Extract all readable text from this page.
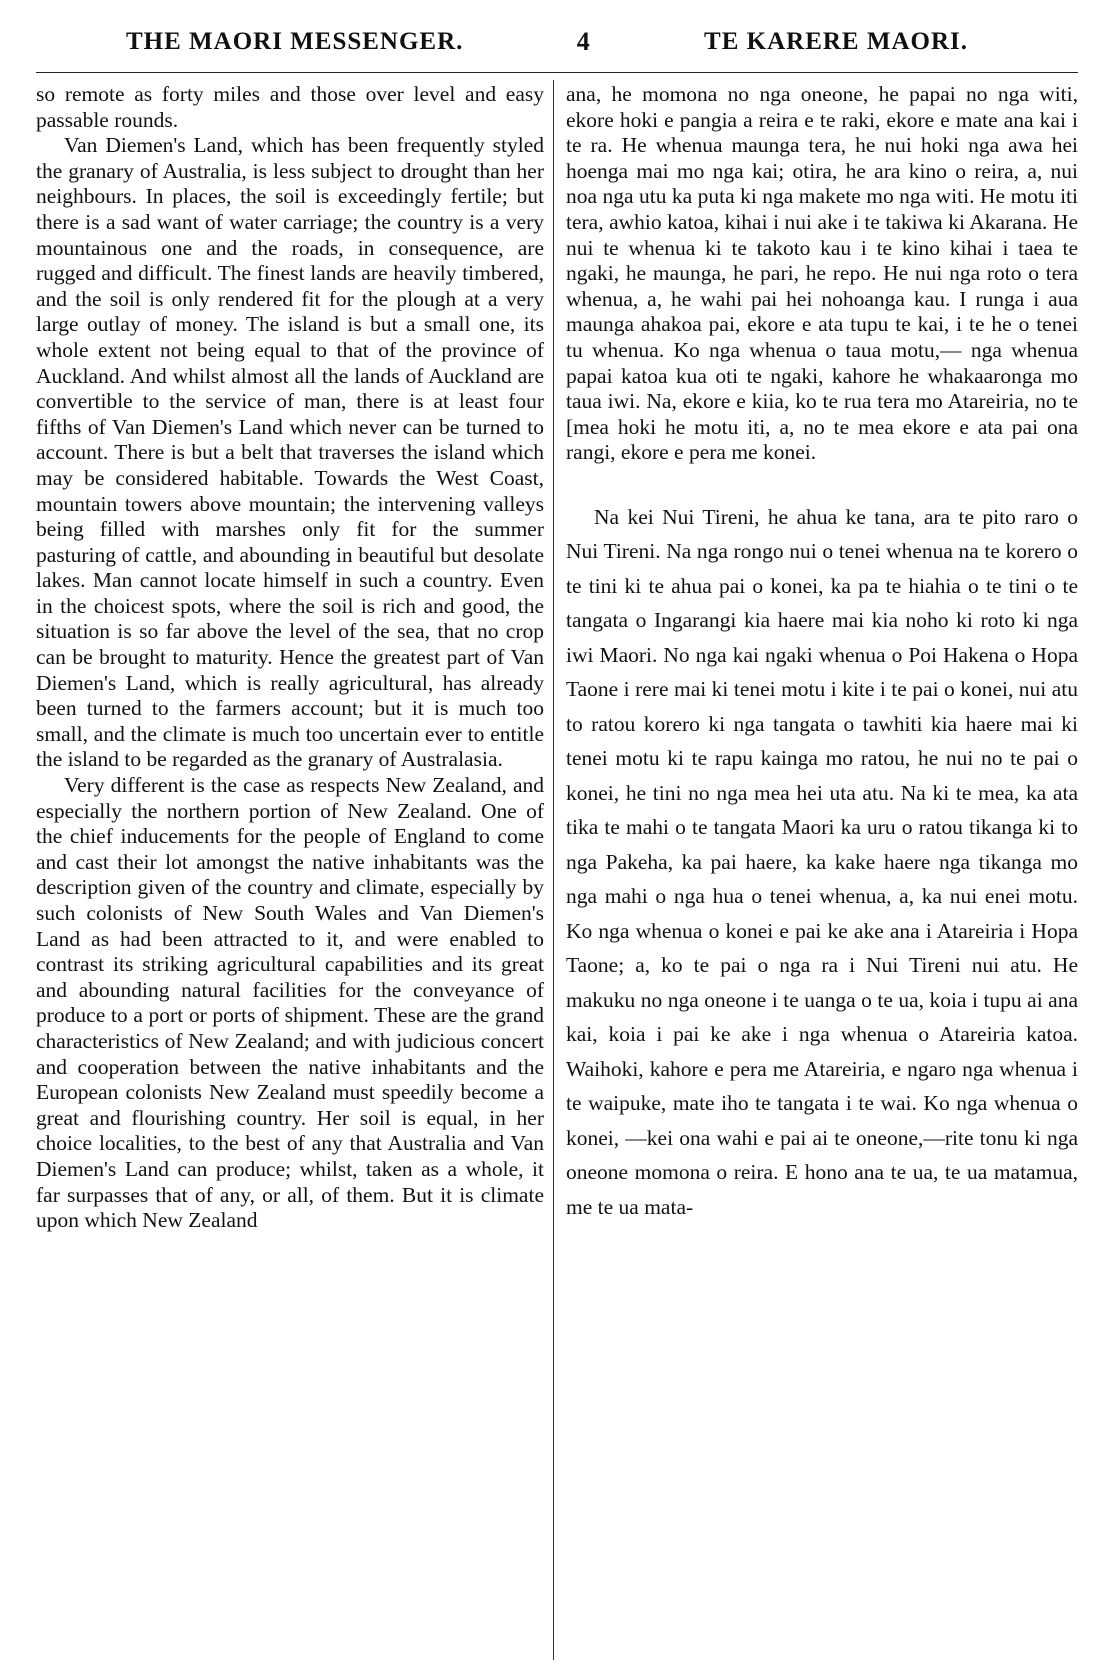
THE MAORI MESSENGER.	4	TE KARERE MAORI.

so remote as forty miles and those over level and easy passable rounds.

Van Diemen's Land, which has been frequently styled the granary of Australia, is less subject to drought than her neighbours. In places, the soil is exceedingly fertile; but there is a sad want of water carriage; the country is a very mountainous one and the roads, in consequence, are rugged and difficult. The finest lands are heavily timbered, and the soil is only rendered fit for the plough at a very large outlay of money. The island is but a small one, its whole extent not being equal to that of the province of Auckland. And whilst almost all the lands of Auckland are convertible to the service of man, there is at least four fifths of Van Diemen's Land which never can be turned to account. There is but a belt that traverses the island which may be considered habitable. Towards the West Coast, mountain towers above mountain; the intervening valleys being filled with marshes only fit for the summer pasturing of cattle, and abounding in beautiful but desolate lakes. Man cannot locate himself in such a country. Even in the choicest spots, where the soil is rich and good, the situation is so far above the level of the sea, that no crop can be brought to maturity. Hence the greatest part of Van Diemen's Land, which is really agricultural, has already been turned to the farmers account; but it is much too small, and the climate is much too uncertain ever to entitle the island to be regarded as the granary of Australasia.

Very different is the case as respects New Zealand, and especially the northern portion of New Zealand. One of the chief inducements for the people of England to come and cast their lot amongst the native inhabitants was the description given of the country and climate, especially by such colonists of New South Wales and Van Diemen's Land as had been attracted to it, and were enabled to contrast its striking agricultural capabilities and its great and abounding natural facilities for the conveyance of produce to a port or ports of shipment. These are the grand characteristics of New Zealand; and with judicious concert and cooperation between the native inhabitants and the European colonists New Zealand must speedily become a great and flourishing country. Her soil is equal, in her choice localities, to the best of any that Australia and Van Diemen's Land can produce; whilst, taken as a whole, it far surpasses that of any, or all, of them. But it is climate upon which New Zealand

ana, he momona no nga oneone, he papai no nga witi, ekore hoki e pangia a reira e te raki, ekore e mate ana kai i te ra. He whenua maunga tera, he nui hoki nga awa hei hoenga mai mo nga kai; otira, he ara kino o reira, a, nui noa nga utu ka puta ki nga makete mo nga witi. He motu iti tera, awhio katoa, kihai i nui ake i te takiwa ki Akarana. He nui te whenua ki te takoto kau i te kino kihai i taea te ngaki, he maunga, he pari, he repo. He nui nga roto o tera whenua, a, he wahi pai hei nohoanga kau. I runga i aua maunga ahakoa pai, ekore e ata tupu te kai, i te he o tenei tu whenua. Ko nga whenua o taua motu,— nga whenua papai katoa kua oti te ngaki, kahore he whakaaronga mo taua iwi. Na, ekore e kiia, ko te rua tera mo Atareiria, no te [mea hoki he motu iti, a, no te mea ekore e ata pai ona rangi, ekore e pera me konei.

Na kei Nui Tireni, he ahua ke tana, ara te pito raro o Nui Tireni. Na nga rongo nui o tenei whenua na te korero o te tini ki te ahua pai o konei, ka pa te hiahia o te tini o te tangata o Ingarangi kia haere mai kia noho ki roto ki nga iwi Maori. No nga kai ngaki whenua o Poi Hakena o Hopa Taone i rere mai ki tenei motu i kite i te pai o konei, nui atu to ratou korero ki nga tangata o tawhiti kia haere mai ki tenei motu ki te rapu kainga mo ratou, he nui no te pai o konei, he tini no nga mea hei uta atu. Na ki te mea, ka ata tika te mahi o te tangata Maori ka uru o ratou tikanga ki to nga Pakeha, ka pai haere, ka kake haere nga tikanga mo nga mahi o nga hua o tenei whenua, a, ka nui enei motu. Ko nga whenua o konei e pai ke ake ana i Atareiria i Hopa Taone; a, ko te pai o nga ra i Nui Tireni nui atu. He makuku no nga oneone i te uanga o te ua, koia i tupu ai ana kai, koia i pai ke ake i nga whenua o Atareiria katoa. Waihoki, kahore e pera me Atareiria, e ngaro nga whenua i te waipuke, mate iho te tangata i te wai. Ko nga whenua o konei, —kei ona wahi e pai ai te oneone,—rite tonu ki nga oneone momona o reira. E hono ana te ua, te ua matamua, me te ua mata-
